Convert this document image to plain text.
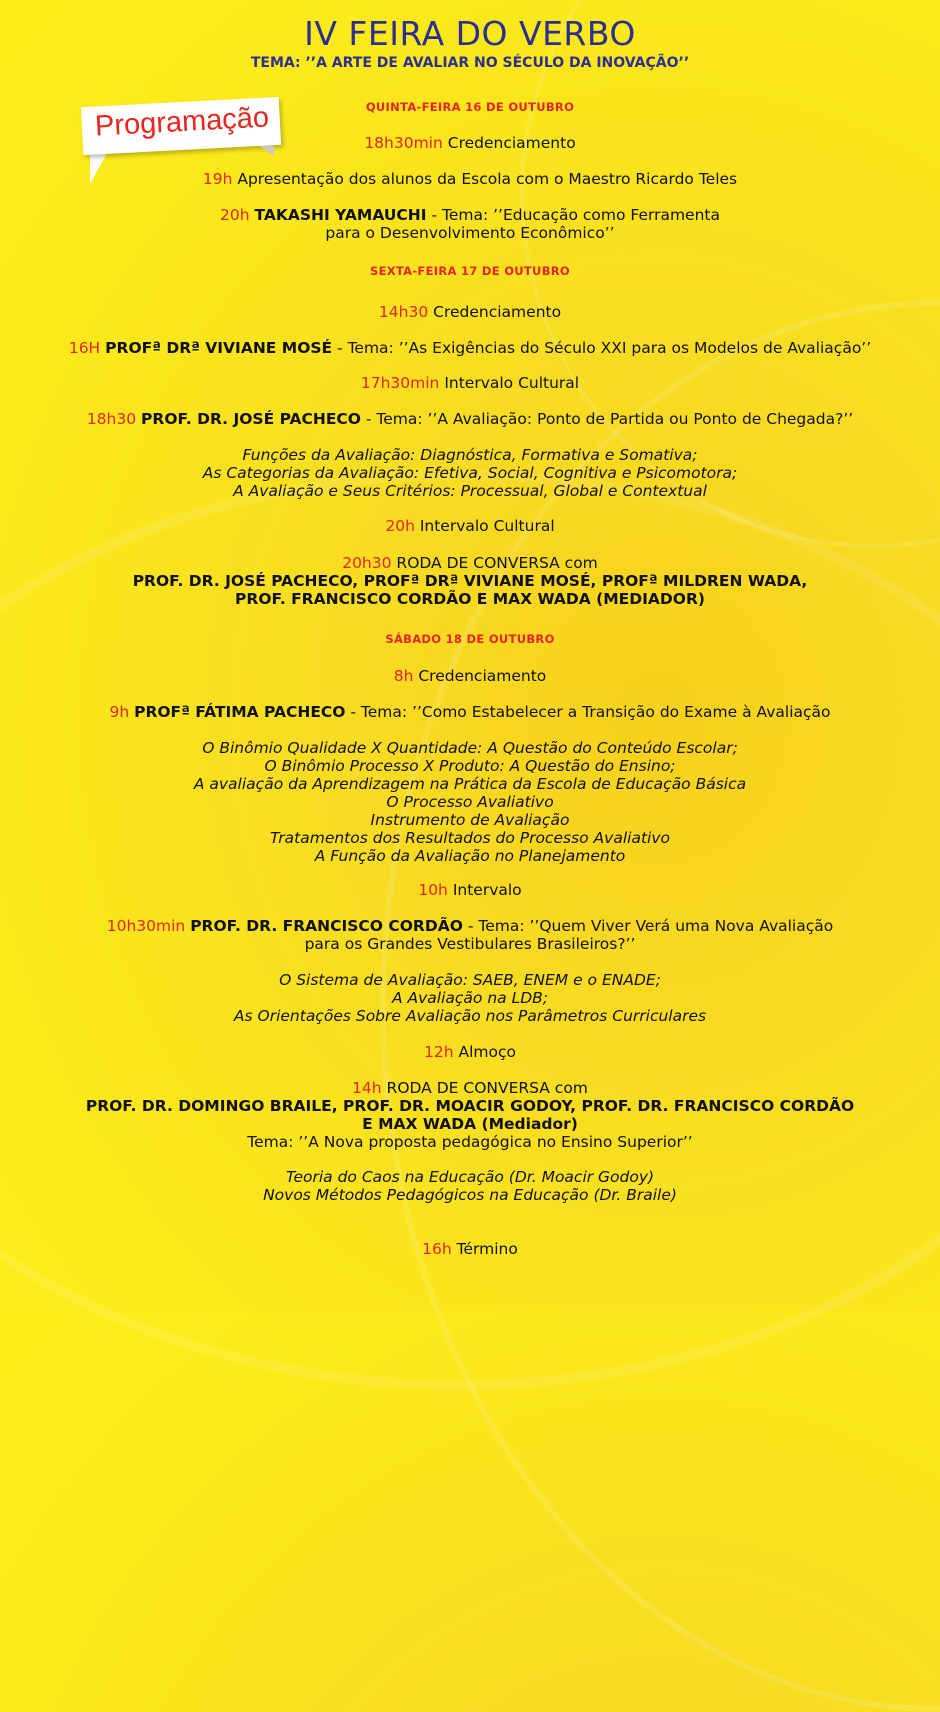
IV FEIRA DO VERBO
TEMA: ’’A ARTE DE AVALIAR NO SÉCULO DA INOVAÇÃO’’
Programação	QUINTA-FEIRA 16 DE OUTUBRO
18h30min Credenciamento
19h Apresentação dos alunos da Escola com o Maestro Ricardo Teles
20h TAKASHI YAMAUCHI - Tema: ’’Educação como Ferramenta
para o Desenvolvimento Econômico’’
SEXTA-FEIRA 17 DE OUTUBRO
14h30 Credenciamento
16H PROFª DRª VIVIANE MOSÉ - Tema: ’’As Exigências do Século XXI para os Modelos de Avaliação’’
17h30min Intervalo Cultural
18h30 PROF. DR. JOSÉ PACHECO - Tema: ’’A Avaliação: Ponto de Partida ou Ponto de Chegada?’’
Funções da Avaliação: Diagnóstica, Formativa e Somativa;
As Categorias da Avaliação: Efetiva, Social, Cognitiva e Psicomotora;
A Avaliação e Seus Critérios: Processual, Global e Contextual
20h Intervalo Cultural
20h30 RODA DE CONVERSA com
PROF. DR. JOSÉ PACHECO, PROFª DRª VIVIANE MOSÉ, PROFª MILDREN WADA,
PROF. FRANCISCO CORDÃO E MAX WADA (MEDIADOR)
SÁBADO 18 DE OUTUBRO
8h Credenciamento
9h PROFª FÁTIMA PACHECO - Tema: ’’Como Estabelecer a Transição do Exame à Avaliação
O Binômio Qualidade X Quantidade: A Questão do Conteúdo Escolar;
O Binômio Processo X Produto: A Questão do Ensino;
A avaliação da Aprendizagem na Prática da Escola de Educação Básica
O Processo Avaliativo
Instrumento de Avaliação
Tratamentos dos Resultados do Processo Avaliativo
A Função da Avaliação no Planejamento
10h Intervalo
10h30min PROF. DR. FRANCISCO CORDÃO - Tema: ’’Quem Viver Verá uma Nova Avaliação
para os Grandes Vestibulares Brasileiros?’’
O Sistema de Avaliação: SAEB, ENEM e o ENADE;
A Avaliação na LDB;
As Orientações Sobre Avaliação nos Parâmetros Curriculares
12h Almoço
14h RODA DE CONVERSA com
PROF. DR. DOMINGO BRAILE, PROF. DR. MOACIR GODOY, PROF. DR. FRANCISCO CORDÃO
E MAX WADA (Mediador)
Tema: ’’A Nova proposta pedagógica no Ensino Superior’’
Teoria do Caos na Educação (Dr. Moacir Godoy)
Novos Métodos Pedagógicos na Educação (Dr. Braile)
16h Término
